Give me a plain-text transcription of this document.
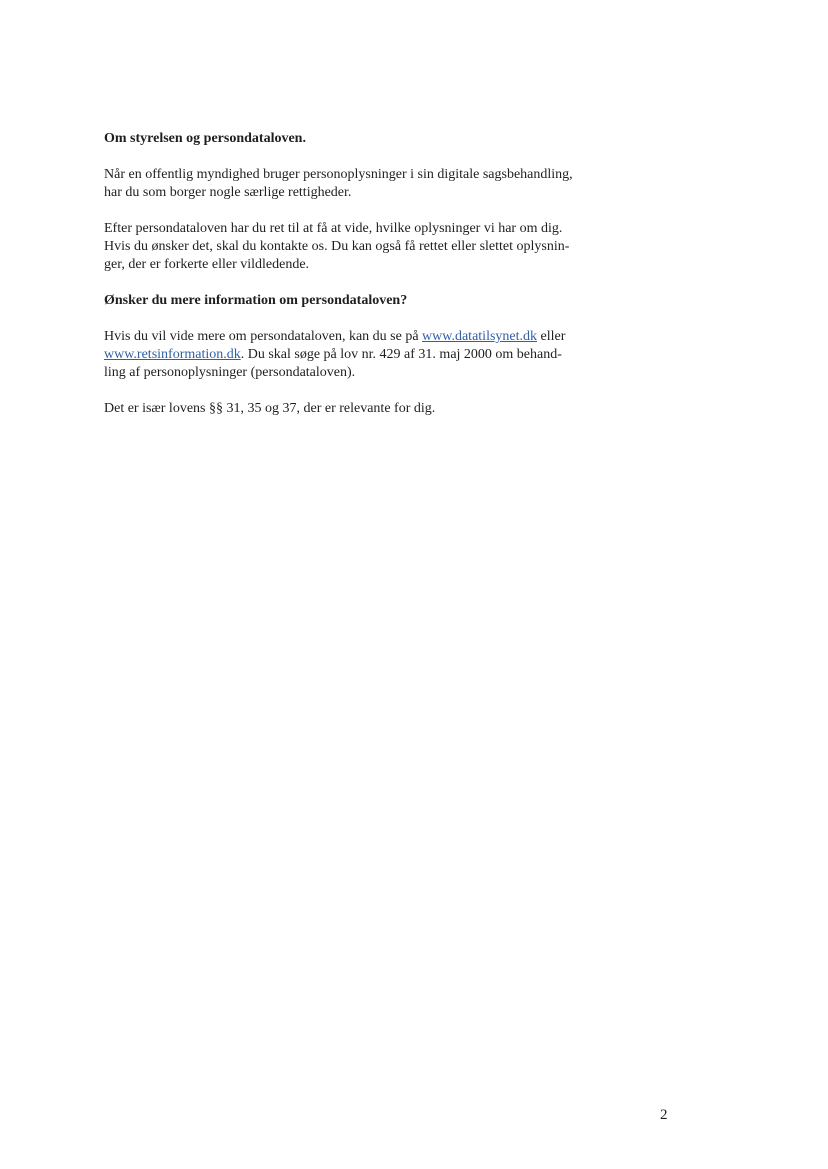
Om styrelsen og persondataloven.
Når en offentlig myndighed bruger personoplysninger i sin digitale sagsbehandling,
har du som borger nogle særlige rettigheder.
Efter persondataloven har du ret til at få at vide, hvilke oplysninger vi har om dig.
Hvis du ønsker det, skal du kontakte os. Du kan også få rettet eller slettet oplysnin-
ger, der er forkerte eller vildledende.
Ønsker du mere information om persondataloven?
Hvis du vil vide mere om persondataloven, kan du se på www.datatilsynet.dk eller
www.retsinformation.dk. Du skal søge på lov nr. 429 af 31. maj 2000 om behand-
ling af personoplysninger (persondataloven).
Det er især lovens §§ 31, 35 og 37, der er relevante for dig.
2
